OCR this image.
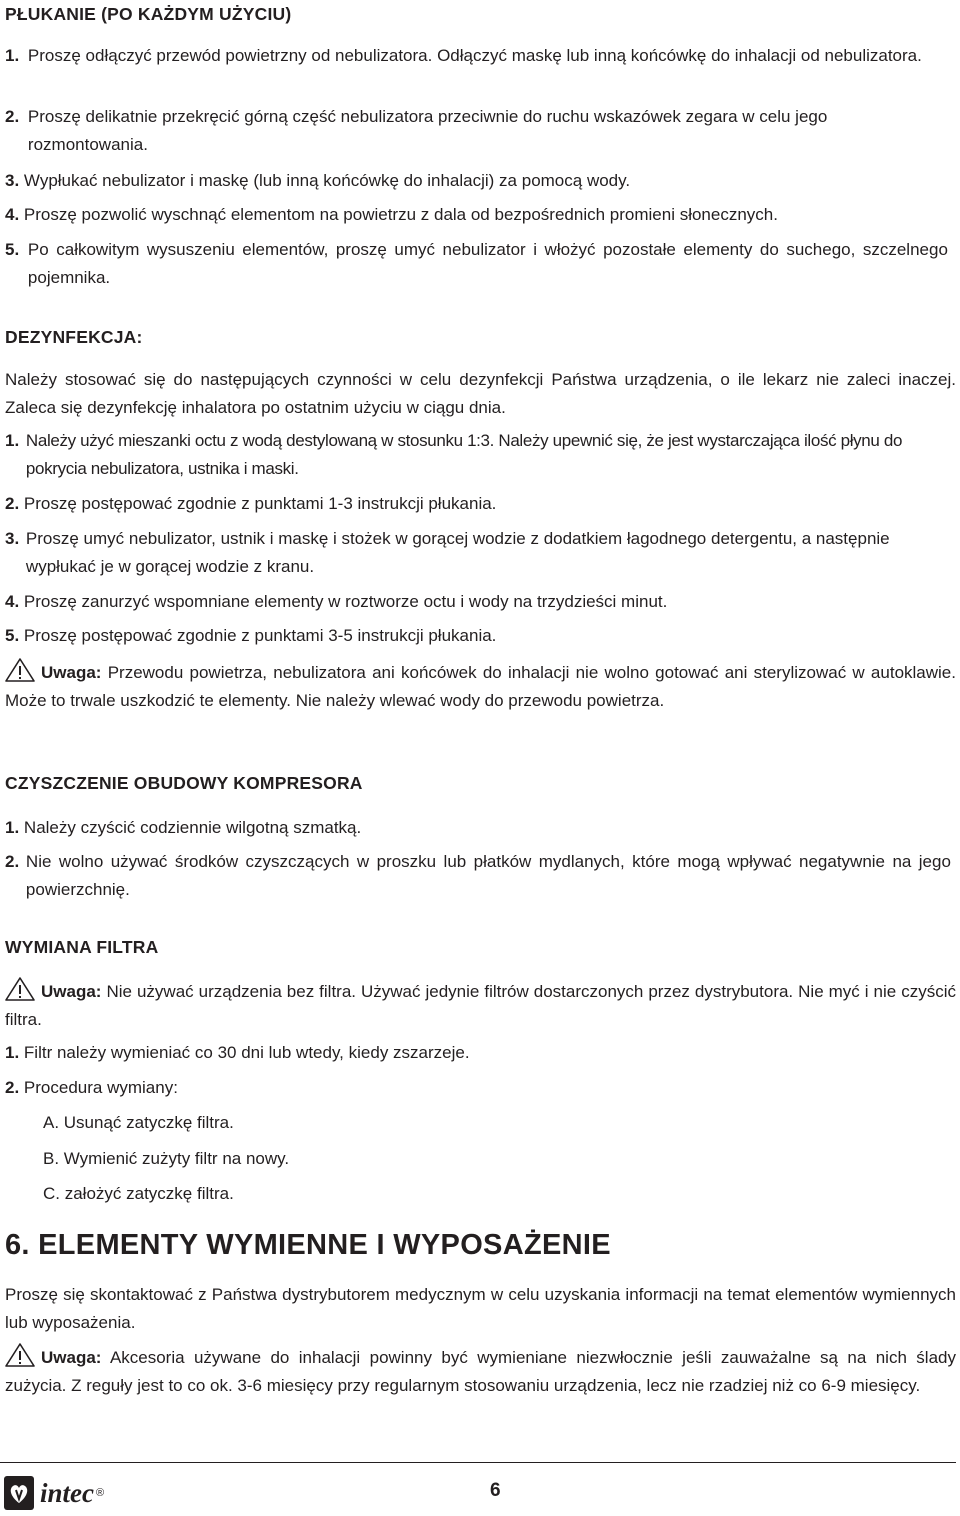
PŁUKANIE (PO KAŻDYM UŻYCIU)
1. Proszę odłączyć przewód powietrzny od nebulizatora. Odłączyć maskę lub inną końcówkę do inhalacji od nebulizatora.
2. Proszę delikatnie przekręcić górną część nebulizatora przeciwnie do ruchu wskazówek zegara w celu jego rozmontowania.
3. Wypłukać nebulizator i maskę (lub inną końcówkę do inhalacji) za pomocą wody.
4. Proszę pozwolić wyschnąć elementom na powietrzu z dala od bezpośrednich promieni słonecznych.
5. Po całkowitym wysuszeniu elementów, proszę umyć nebulizator i włożyć pozostałe elementy do suchego, szczelnego pojemnika.
DEZYNFEKCJA:
Należy stosować się do następujących czynności w celu dezynfekcji Państwa urządzenia, o ile lekarz nie zaleci inaczej. Zaleca się dezynfekcję inhalatora po ostatnim użyciu w ciągu dnia.
1. Należy użyć mieszanki octu z wodą destylowaną w stosunku 1:3. Należy upewnić się, że jest wystarczająca ilość płynu do pokrycia nebulizatora, ustnika i maski.
2. Proszę postępować zgodnie z punktami 1-3 instrukcji płukania.
3. Proszę umyć nebulizator, ustnik i maskę i stożek w gorącej wodzie z dodatkiem łagodnego detergentu, a następnie wypłukać je w gorącej wodzie z kranu.
4. Proszę zanurzyć wspomniane elementy w roztworze octu i wody na trzydzieści minut.
5. Proszę postępować zgodnie z punktami 3-5 instrukcji płukania.
Uwaga: Przewodu powietrza, nebulizatora ani końcówek do inhalacji nie wolno gotować ani sterylizować w autoklawie. Może to trwale uszkodzić te elementy. Nie należy wlewać wody do przewodu powietrza.
CZYSZCZENIE OBUDOWY KOMPRESORA
1. Należy czyścić codziennie wilgotną szmatką.
2. Nie wolno używać środków czyszczących w proszku lub płatków mydlanych, które mogą wpływać negatywnie na jego powierzchnię.
WYMIANA FILTRA
Uwaga: Nie używać urządzenia bez filtra. Używać jedynie filtrów dostarczonych przez dystrybutora. Nie myć i nie czyścić filtra.
1. Filtr należy wymieniać co 30 dni lub wtedy, kiedy zszarzeje.
2. Procedura wymiany:
A. Usunąć zatyczkę filtra.
B. Wymienić zużyty filtr na nowy.
C. założyć zatyczkę filtra.
6. ELEMENTY WYMIENNE I WYPOSAŻENIE
Proszę się skontaktować z Państwa dystrybutorem medycznym w celu uzyskania informacji na temat elementów wymiennych lub wyposażenia.
Uwaga: Akcesoria używane do inhalacji powinny być wymieniane niezwłocznie jeśli zauważalne są na nich ślady zużycia. Z reguły jest to co ok. 3-6 miesięcy przy regularnym stosowaniu urządzenia, lecz nie rzadziej niż co 6-9 miesięcy.
intec ®	6
